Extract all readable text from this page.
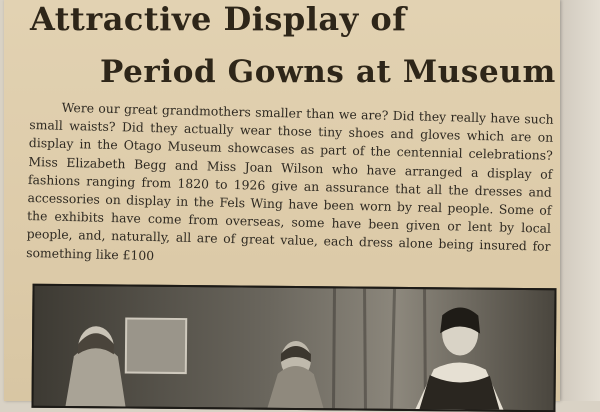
Attractive Display of
Period Gowns at Museum

Were our great grandmothers smaller than we are? Did they really have such small waists? Did they actually wear those tiny shoes and gloves which are on display in the Otago Museum showcases as part of the centennial celebrations? Miss Elizabeth Begg and Miss Joan Wilson who have arranged a display of fashions ranging from 1820 to 1926 give an assurance that all the dresses and accessories on display in the Fels Wing have been worn by real people. Some of the exhibits have come from overseas, some have been given or lent by local people, and, naturally, all are of great value, each dress alone being insured for something like £100
